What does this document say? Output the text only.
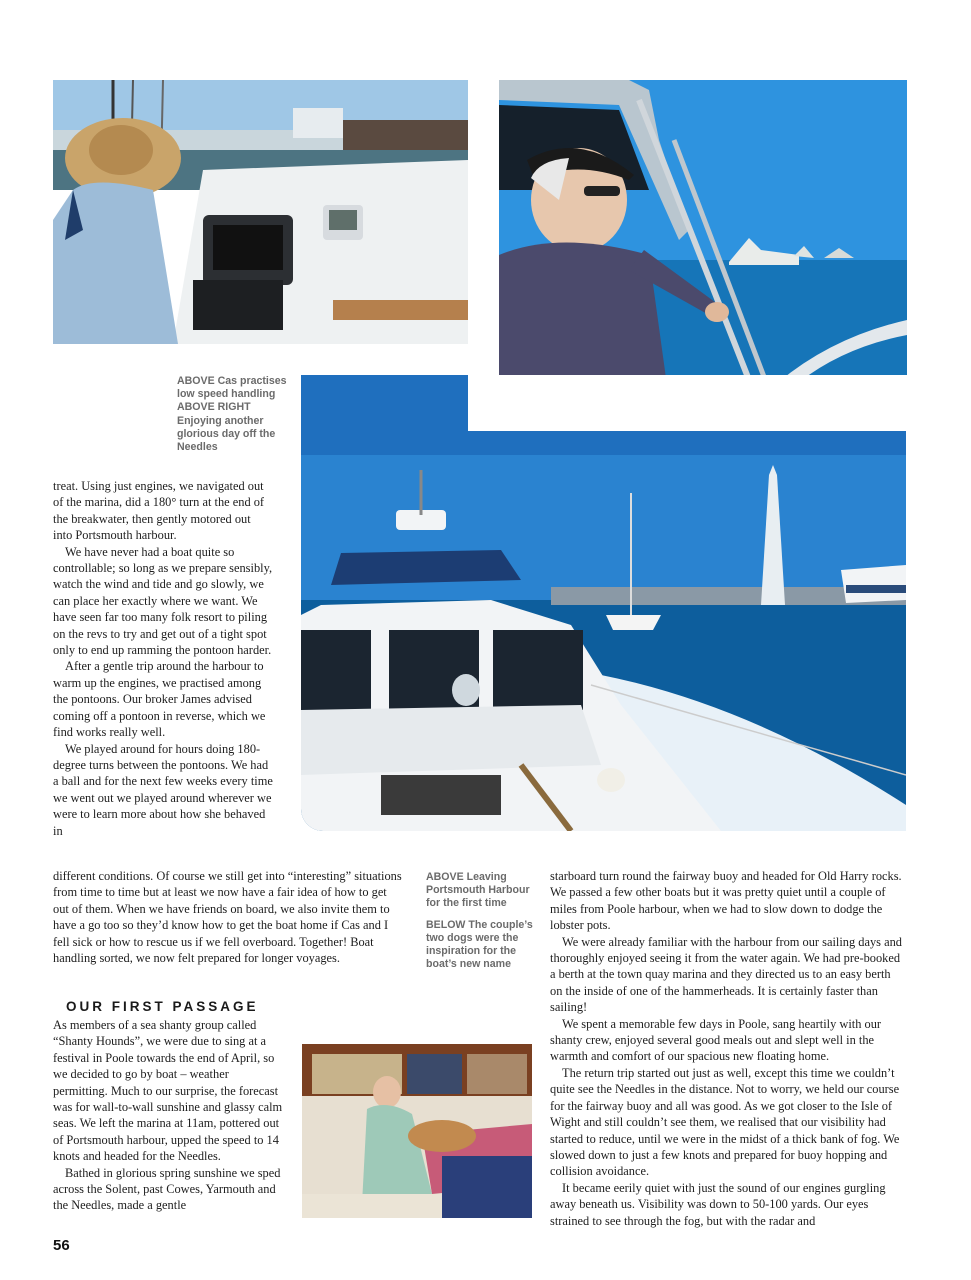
ABOVE Cas practises low speed handling

ABOVE RIGHT
Enjoying another glorious day off the Needles

treat. Using just engines, we navigated out of the marina, did a 180° turn at the end of the breakwater, then gently motored out into Portsmouth harbour.

We have never had a boat quite so controllable; so long as we prepare sensibly, watch the wind and tide and go slowly, we can place her exactly where we want. We have seen far too many folk resort to piling on the revs to try and get out of a tight spot only to end up ramming the pontoon harder.

After a gentle trip around the harbour to warm up the engines, we practised among the pontoons. Our broker James advised coming off a pontoon in reverse, which we find works really well.

We played around for hours doing 180-degree turns between the pontoons. We had a ball and for the next few weeks every time we went out we played around wherever we were to learn more about how she behaved in

different conditions. Of course we still get into “interesting” situations from time to time but at least we now have a fair idea of how to get out of them. When we have friends on board, we also invite them to have a go too so they’d know how to get the boat home if Cas and I fell sick or how to rescue us if we fell overboard. Together! Boat handling sorted, we now felt prepared for longer voyages.

OUR FIRST PASSAGE

As members of a sea shanty group called “Shanty Hounds”, we were due to sing at a festival in Poole towards the end of April, so we decided to go by boat – weather permitting. Much to our surprise, the forecast was for wall-to-wall sunshine and glassy calm seas. We left the marina at 11am, pottered out of Portsmouth harbour, upped the speed to 14 knots and headed for the Needles.

Bathed in glorious spring sunshine we sped across the Solent, past Cowes, Yarmouth and the Needles, made a gentle

ABOVE Leaving Portsmouth Harbour for the first time
BELOW The couple’s two dogs were the inspiration for the boat’s new name

starboard turn round the fairway buoy and headed for Old Harry rocks. We passed a few other boats but it was pretty quiet until a couple of miles from Poole harbour, when we had to slow down to dodge the lobster pots.

We were already familiar with the harbour from our sailing days and thoroughly enjoyed seeing it from the water again. We had pre-booked a berth at the town quay marina and they directed us to an easy berth on the inside of one of the hammerheads. It is certainly faster than sailing!

We spent a memorable few days in Poole, sang heartily with our shanty crew, enjoyed several good meals out and slept well in the warmth and comfort of our spacious new floating home.

The return trip started out just as well, except this time we couldn’t quite see the Needles in the distance. Not to worry, we held our course for the fairway buoy and all was good. As we got closer to the Isle of Wight and still couldn’t see them, we realised that our visibility had started to reduce, until we were in the midst of a thick bank of fog. We slowed down to just a few knots and prepared for buoy hopping and collision avoidance.

It became eerily quiet with just the sound of our engines gurgling away beneath us. Visibility was down to 50-100 yards. Our eyes strained to see through the fog, but with the radar and

56
